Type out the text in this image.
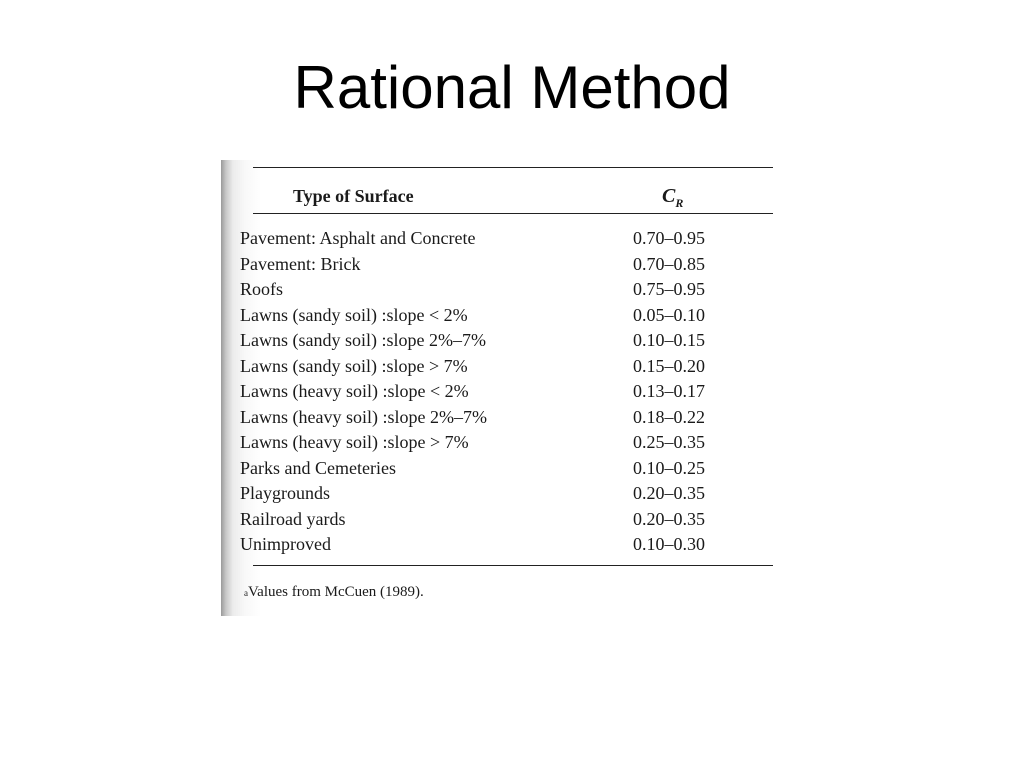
Rational Method
Type of Surface	$C_R$
Pavement: Asphalt and Concrete	0.70–0.95
Pavement: Brick	0.70–0.85
Roofs	0.75–0.95
Lawns (sandy soil) :slope < 2%	0.05–0.10
Lawns (sandy soil) :slope 2%–7%	0.10–0.15
Lawns (sandy soil) :slope > 7%	0.15–0.20
Lawns (heavy soil) :slope < 2%	0.13–0.17
Lawns (heavy soil) :slope 2%–7%	0.18–0.22
Lawns (heavy soil) :slope > 7%	0.25–0.35
Parks and Cemeteries	0.10–0.25
Playgrounds	0.20–0.35
Railroad yards	0.20–0.35
Unimproved	0.10–0.30
$^a$Values from McCuen (1989).
